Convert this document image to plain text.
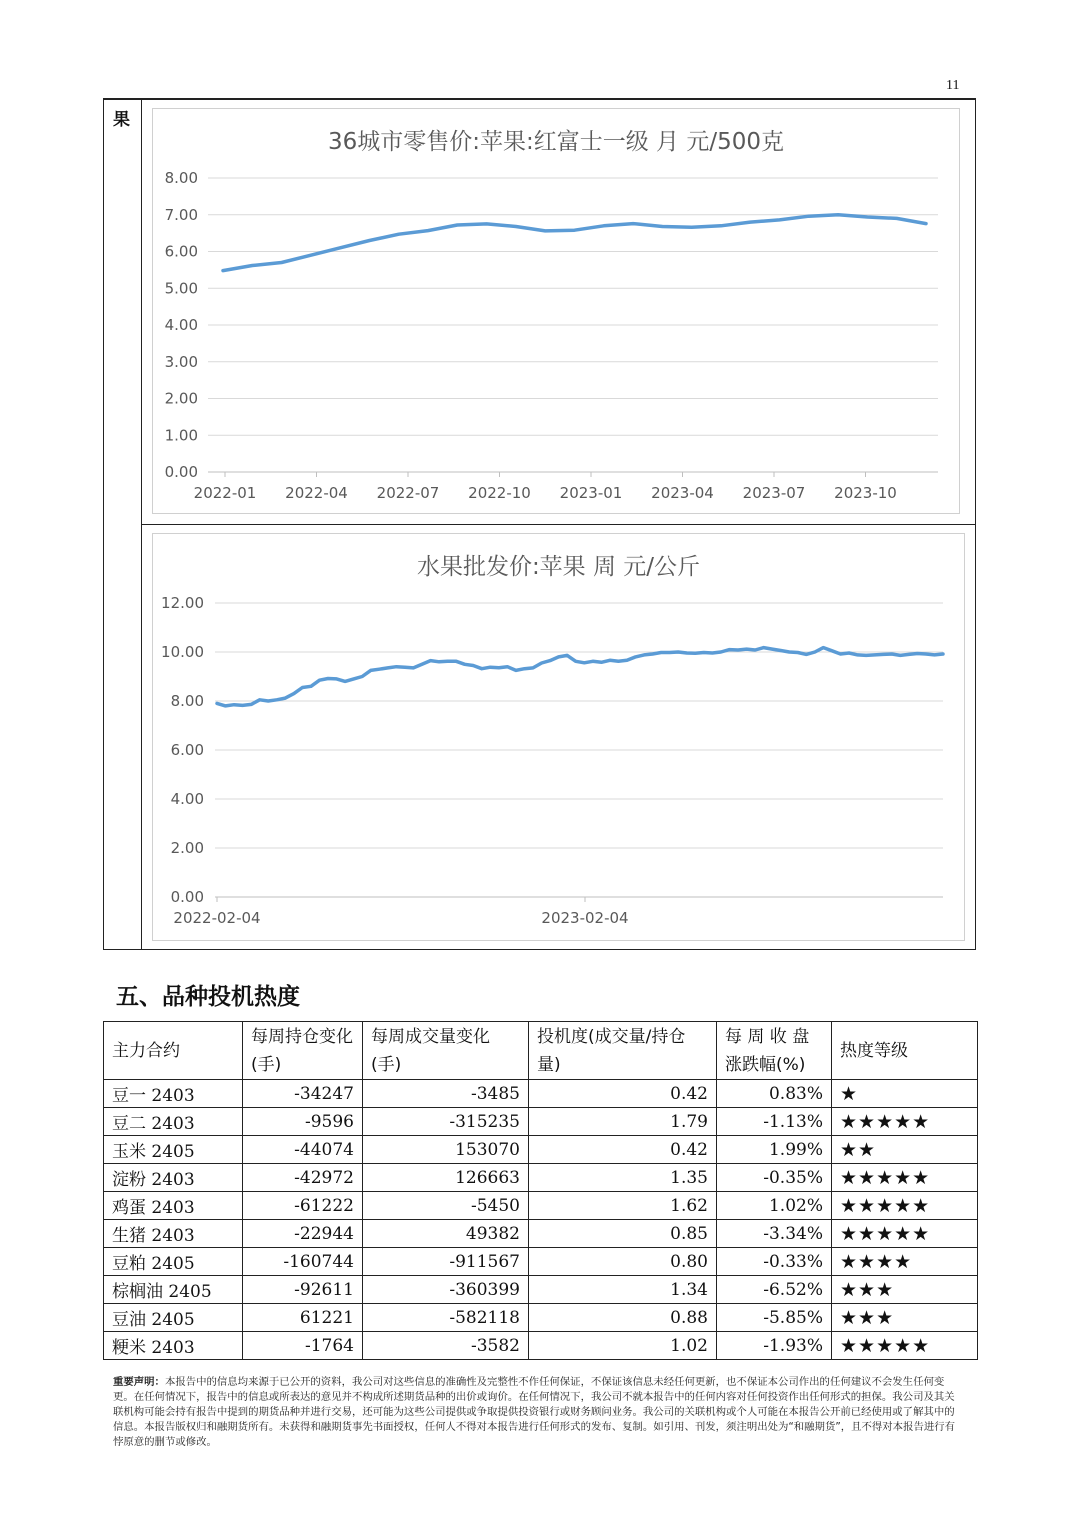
11
果
36城市零售价:苹果:红富士一级 月 元/500克
0.00
1.00
2.00
3.00
4.00
5.00
6.00
7.00
8.00
2022-01 2022-04 2022-07 2022-10 2023-01 2023-04 2023-07 2023-10
水果批发价:苹果 周 元/公斤
0.00
2.00
4.00
6.00
8.00
10.00
12.00
2022-02-04	2023-02-04
五、品种投机热度
主力合约	每周持仓变化(手)	每周成交量变化(手)	投机度(成交量/持仓量)	每 周 收 盘 涨跌幅(%)	热度等级
豆一 2403	-34247	-3485	0.42	0.83%	★
豆二 2403	-9596	-315235	1.79	-1.13%	★★★★★
玉米 2405	-44074	153070	0.42	1.99%	★★
淀粉 2403	-42972	126663	1.35	-0.35%	★★★★★
鸡蛋 2403	-61222	-5450	1.62	1.02%	★★★★★
生猪 2403	-22944	49382	0.85	-3.34%	★★★★★
豆粕 2405	-160744	-911567	0.80	-0.33%	★★★★
棕榈油 2405	-92611	-360399	1.34	-6.52%	★★★
豆油 2405	61221	-582118	0.88	-5.85%	★★★
粳米 2403	-1764	-3582	1.02	-1.93%	★★★★★
重要声明：本报告中的信息均来源于已公开的资料，我公司对这些信息的准确性及完整性不作任何保证，不保证该信息未经任何更新，也不保证本公司作出的任何建议不会发生任何变更。在任何情况下，报告中的信息或所表达的意见并不构成所述期货品种的出价或询价。在任何情况下，我公司不就本报告中的任何内容对任何投资作出任何形式的担保。我公司及其关联机构可能会持有报告中提到的期货品种并进行交易，还可能为这些公司提供或争取提供投资银行或财务顾问业务。我公司的关联机构或个人可能在本报告公开前已经使用或了解其中的信息。本报告版权归和融期货所有。未获得和融期货事先书面授权，任何人不得对本报告进行任何形式的发布、复制。如引用、刊发，须注明出处为“和融期货”，且不得对本报告进行有悖原意的删节或修改。
